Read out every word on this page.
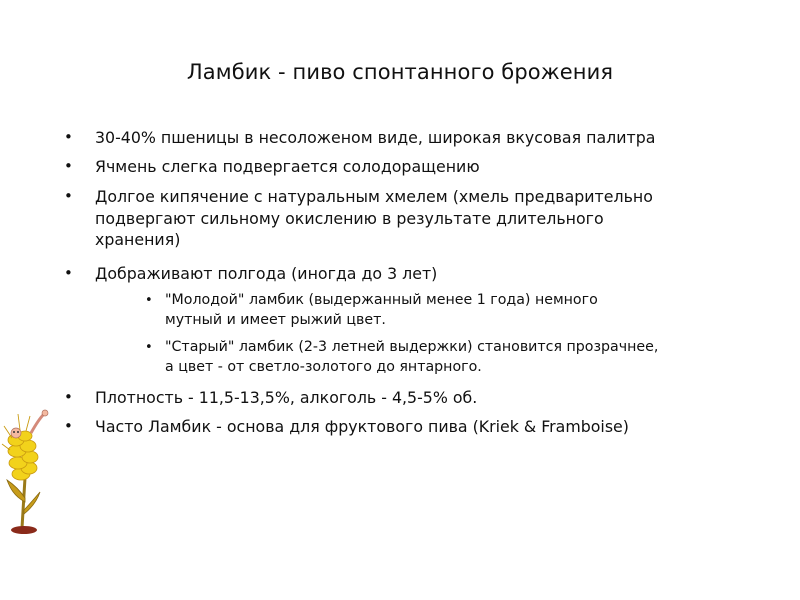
Ламбик - пиво спонтанного брожения
• 30-40% пшеницы в несоложеном виде, широкая вкусовая палитра
• Ячмень слегка подвергается солодоращению
• Долгое кипячение с натуральным хмелем (хмель предварительно
подвергают сильному окислению в результате длительного
хранения)
• Дображивают полгода (иногда до 3 лет)
• "Молодой" ламбик (выдержанный менее 1 года) немного
мутный и имеет рыжий цвет.
• "Старый" ламбик (2-3 летней выдержки) становится прозрачнее,
а цвет - от светло-золотого до янтарного.
• Плотность - 11,5-13,5%, алкоголь - 4,5-5% об.
• Часто Ламбик - основа для фруктового пива (Kriek & Framboise)
